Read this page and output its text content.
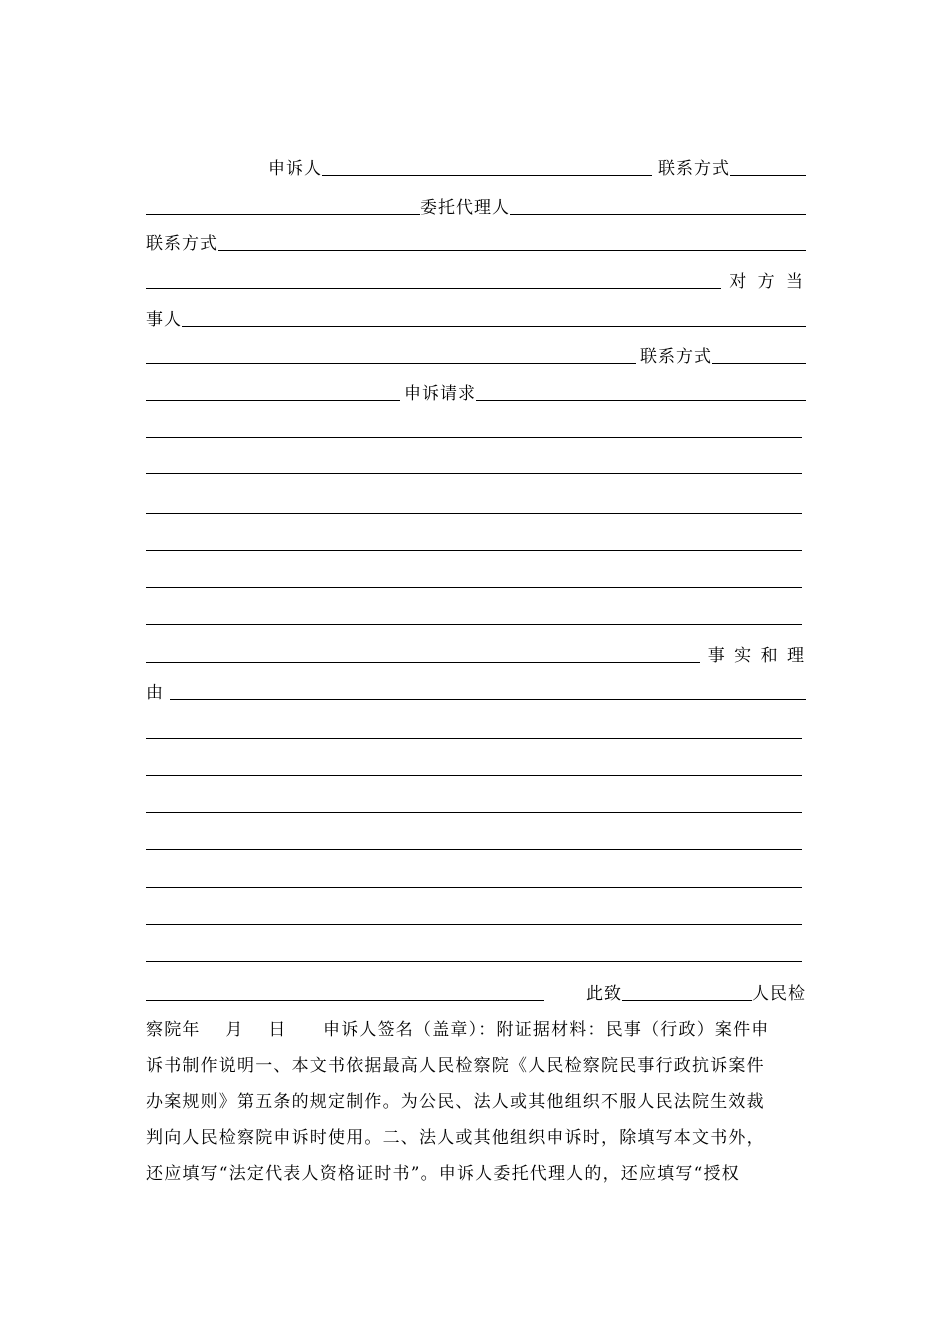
申诉人	联系方式
委托代理人
联系方式
对 方 当
事人
联系方式
申诉请求
事 实 和 理
由
此致	人民检
察院年　 月　 日　　申诉人签名（盖章）：附证据材料：民事（行政）案件申
诉书制作说明一、本文书依据最高人民检察院《人民检察院民事行政抗诉案件
办案规则》第五条的规定制作。为公民、法人或其他组织不服人民法院生效裁
判向人民检察院申诉时使用。二、法人或其他组织申诉时，除填写本文书外，
还应填写“法定代表人资格证时书”。申诉人委托代理人的，还应填写“授权
